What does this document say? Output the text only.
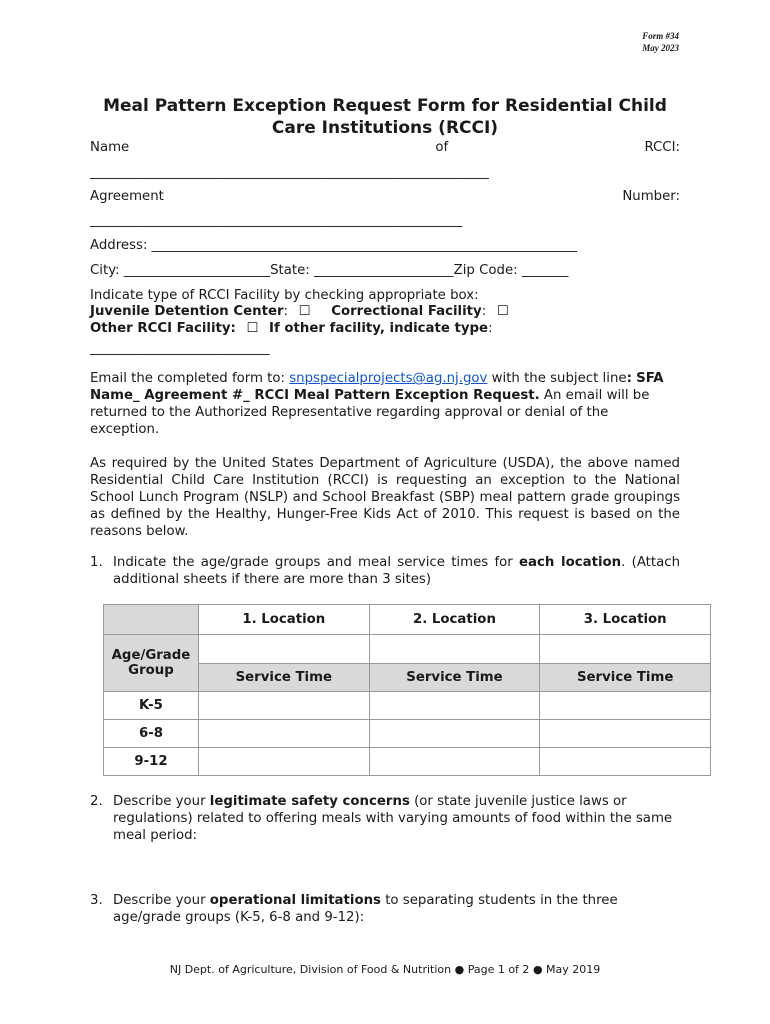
Form #34
May 2023
Meal Pattern Exception Request Form for Residential Child Care Institutions (RCCI)
Name	of	RCCI:
____________________________________________________________
Agreement	Number:
________________________________________________________
Address: ________________________________________________________________
City: ______________________State: _____________________Zip Code: _______
Indicate type of RCCI Facility by checking appropriate box:
Juvenile Detention Center: ☐ Correctional Facility: ☐
Other RCCI Facility: ☐ If other facility, indicate type:
___________________________
Email the completed form to: snpspecialprojects@ag.nj.gov with the subject line: SFA Name_ Agreement #_ RCCI Meal Pattern Exception Request. An email will be returned to the Authorized Representative regarding approval or denial of the exception.
As required by the United States Department of Agriculture (USDA), the above named Residential Child Care Institution (RCCI) is requesting an exception to the National School Lunch Program (NSLP) and School Breakfast (SBP) meal pattern grade groupings as defined by the Healthy, Hunger-Free Kids Act of 2010. This request is based on the reasons below.
1. Indicate the age/grade groups and meal service times for each location. (Attach additional sheets if there are more than 3 sites)
	1. Location	2. Location	3. Location
Age/Grade Group			
	Service Time	Service Time	Service Time
K-5			
6-8			
9-12			
2. Describe your legitimate safety concerns (or state juvenile justice laws or regulations) related to offering meals with varying amounts of food within the same meal period:
3. Describe your operational limitations to separating students in the three age/grade groups (K-5, 6-8 and 9-12):
NJ Dept. of Agriculture, Division of Food & Nutrition ● Page 1 of 2 ● May 2019
